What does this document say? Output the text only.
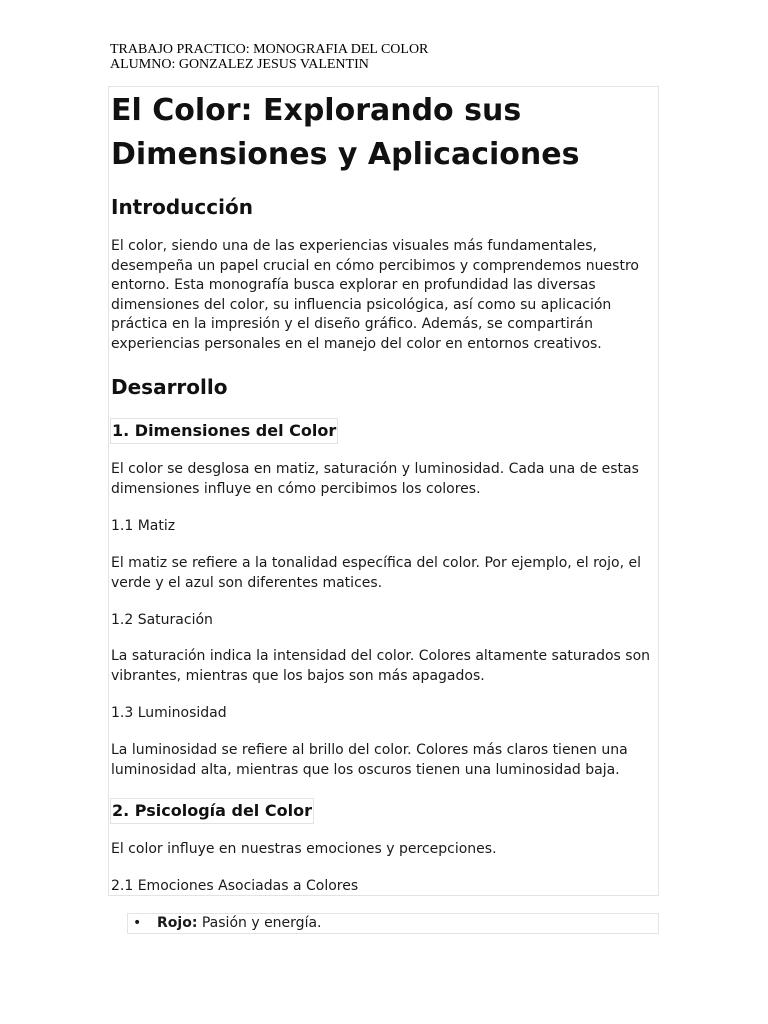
TRABAJO PRACTICO: MONOGRAFIA DEL COLOR
ALUMNO: GONZALEZ JESUS VALENTIN
El Color: Explorando sus
Dimensiones y Aplicaciones
Introducción

El color, siendo una de las experiencias visuales más fundamentales, desempeña un papel crucial en cómo percibimos y comprendemos nuestro entorno. Esta monografía busca explorar en profundidad las diversas dimensiones del color, su influencia psicológica, así como su aplicación práctica en la impresión y el diseño gráfico. Además, se compartirán experiencias personales en el manejo del color en entornos creativos.

Desarrollo
1. Dimensiones del Color

El color se desglosa en matiz, saturación y luminosidad. Cada una de estas dimensiones influye en cómo percibimos los colores.

1.1 Matiz

El matiz se refiere a la tonalidad específica del color. Por ejemplo, el rojo, el verde y el azul son diferentes matices.

1.2 Saturación

La saturación indica la intensidad del color. Colores altamente saturados son vibrantes, mientras que los bajos son más apagados.

1.3 Luminosidad

La luminosidad se refiere al brillo del color. Colores más claros tienen una luminosidad alta, mientras que los oscuros tienen una luminosidad baja.

2. Psicología del Color

El color influye en nuestras emociones y percepciones.

2.1 Emociones Asociadas a Colores

• Rojo: Pasión y energía.
